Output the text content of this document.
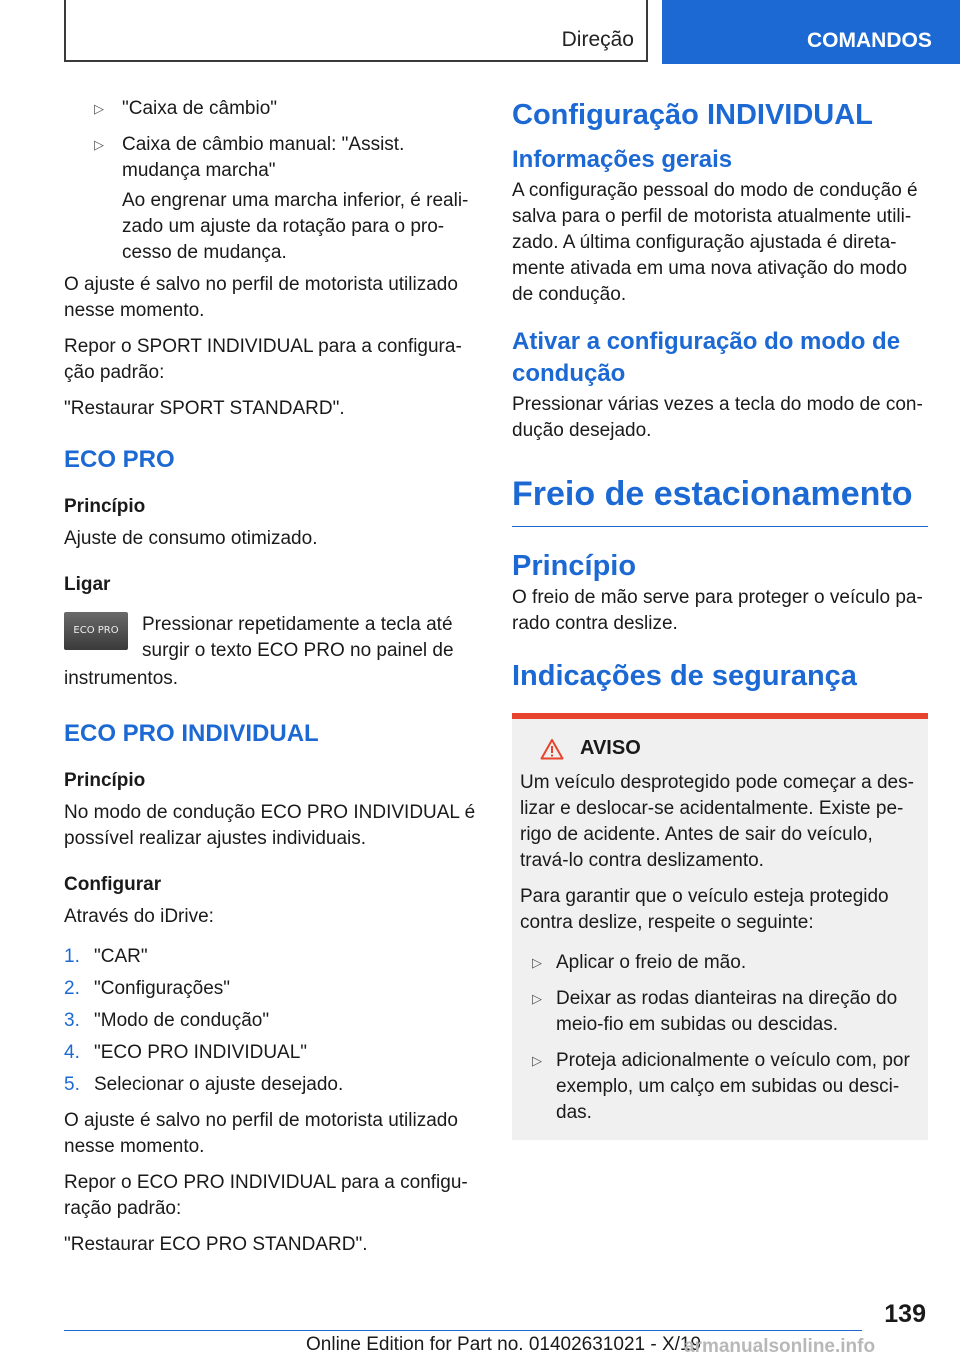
Direção	COMANDOS
▷ "Caixa de câmbio"
▷ Caixa de câmbio manual: "Assist. mudança marcha"
Ao engrenar uma marcha inferior, é reali-zado um ajuste da rotação para o pro-cesso de mudança.

O ajuste é salvo no perfil de motorista utilizado nesse momento.

Repor o SPORT INDIVIDUAL para a configura-ção padrão:

"Restaurar SPORT STANDARD".

ECO PRO
Princípio

Ajuste de consumo otimizado.

Ligar
ECO PRO	Pressionar repetidamente a tecla até surgir o texto ECO PRO no painel de

instrumentos.

ECO PRO INDIVIDUAL
Princípio

No modo de condução ECO PRO INDIVIDUAL é possível realizar ajustes individuais.

Configurar

Através do iDrive:

1. "CAR"
2. "Configurações"
3. "Modo de condução"
4. "ECO PRO INDIVIDUAL"
5. Selecionar o ajuste desejado.

O ajuste é salvo no perfil de motorista utilizado nesse momento.

Repor o ECO PRO INDIVIDUAL para a configu-ração padrão:

"Restaurar ECO PRO STANDARD".

Configuração INDIVIDUAL
Informações gerais

A configuração pessoal do modo de condução é salva para o perfil de motorista atualmente utili-zado. A última configuração ajustada é direta-mente ativada em uma nova ativação do modo de condução.

Ativar a configuração do modo de condução

Pressionar várias vezes a tecla do modo de con-dução desejado.

Freio de estacionamento
Princípio

O freio de mão serve para proteger o veículo pa-rado contra deslize.

Indicações de segurança
AVISO

Um veículo desprotegido pode começar a des-lizar e deslocar-se acidentalmente. Existe pe-rigo de acidente. Antes de sair do veículo, travá-lo contra deslizamento.

Para garantir que o veículo esteja protegido contra deslize, respeite o seguinte:

▷ Aplicar o freio de mão.
▷ Deixar as rodas dianteiras na direção do meio-fio em subidas ou descidas.
▷ Proteja adicionalmente o veículo com, por exemplo, um calço em subidas ou desci-das.
139
Online Edition for Part no. 01402631021 - X/19
armanualsonline.info
